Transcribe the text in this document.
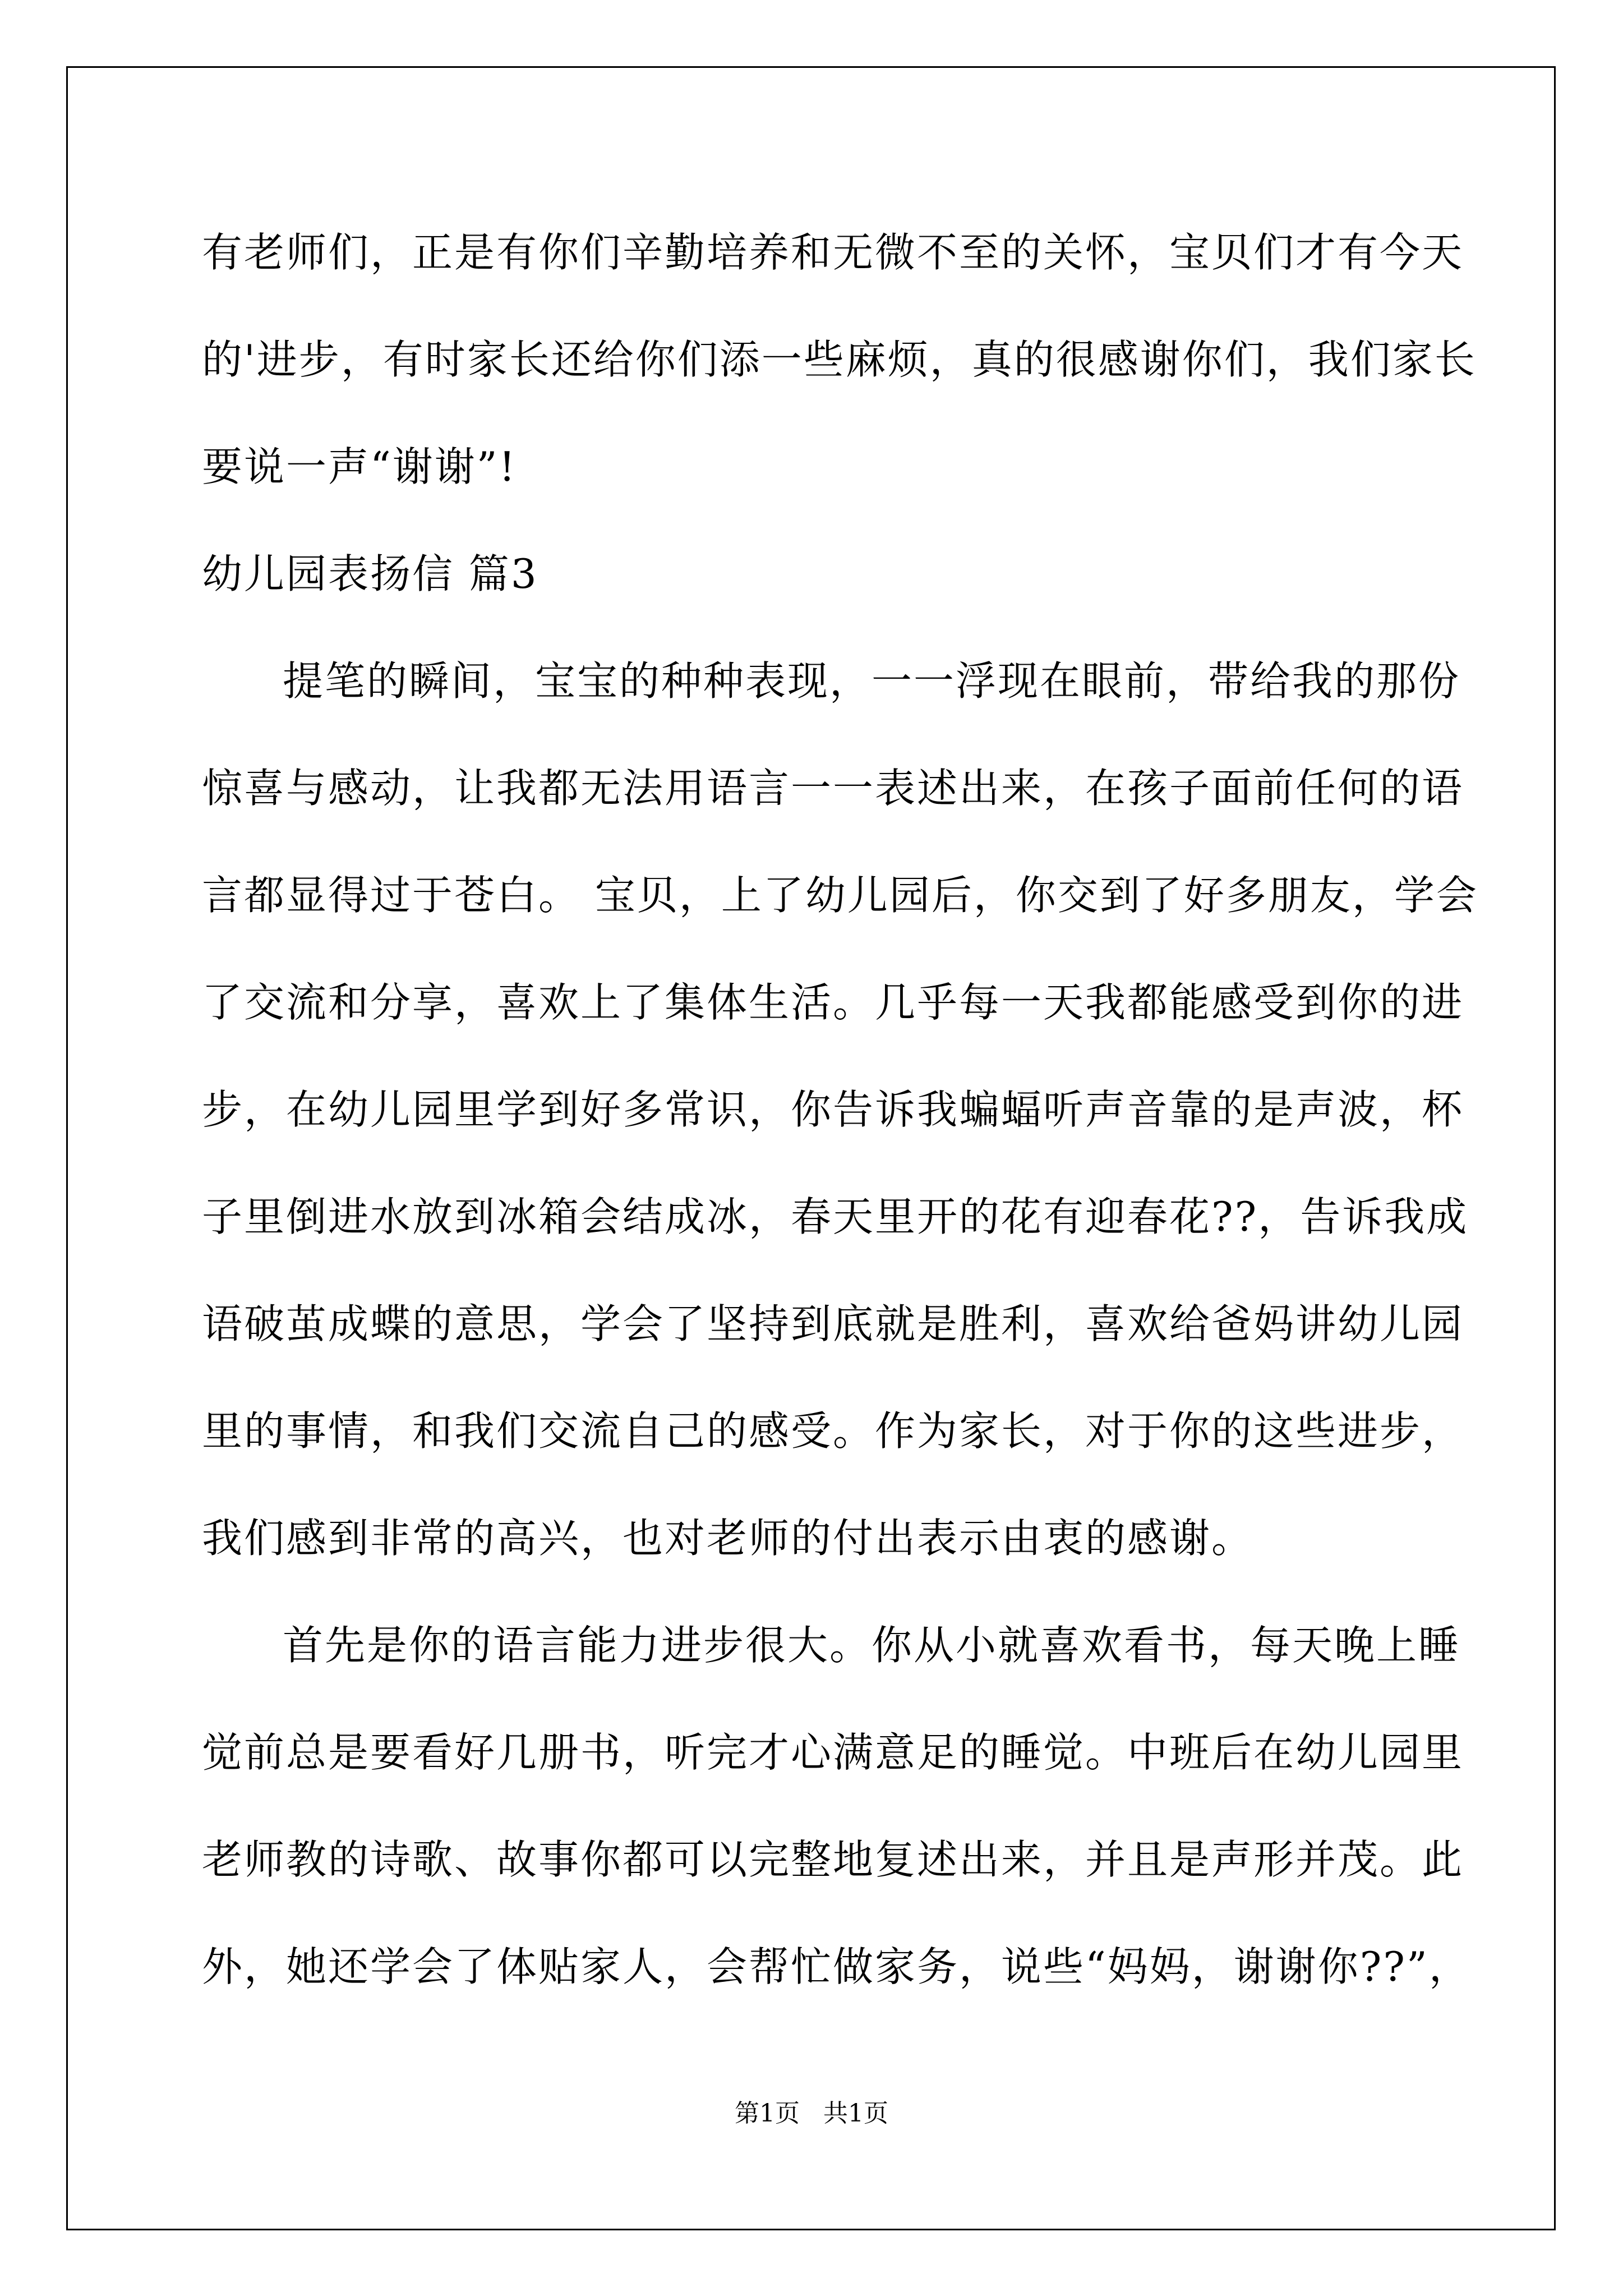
有老师们，正是有你们辛勤培养和无微不至的关怀，宝贝们才有今天
的'进步，有时家长还给你们添一些麻烦，真的很感谢你们，我们家长
要说一声“谢谢”!
幼儿园表扬信 篇3
提笔的瞬间，宝宝的种种表现，一一浮现在眼前，带给我的那份
惊喜与感动，让我都无法用语言一一表述出来，在孩子面前任何的语
言都显得过于苍白。 宝贝，上了幼儿园后，你交到了好多朋友，学会
了交流和分享，喜欢上了集体生活。几乎每一天我都能感受到你的进
步，在幼儿园里学到好多常识，你告诉我蝙蝠听声音靠的是声波，杯
子里倒进水放到冰箱会结成冰，春天里开的花有迎春花??，告诉我成
语破茧成蝶的意思，学会了坚持到底就是胜利，喜欢给爸妈讲幼儿园
里的事情，和我们交流自己的感受。作为家长，对于你的这些进步，
我们感到非常的高兴，也对老师的付出表示由衷的感谢。
首先是你的语言能力进步很大。你从小就喜欢看书，每天晚上睡
觉前总是要看好几册书，听完才心满意足的睡觉。中班后在幼儿园里
老师教的诗歌、故事你都可以完整地复述出来，并且是声形并茂。此
外，她还学会了体贴家人，会帮忙做家务，说些“妈妈，谢谢你??”，
第1页   共1页
